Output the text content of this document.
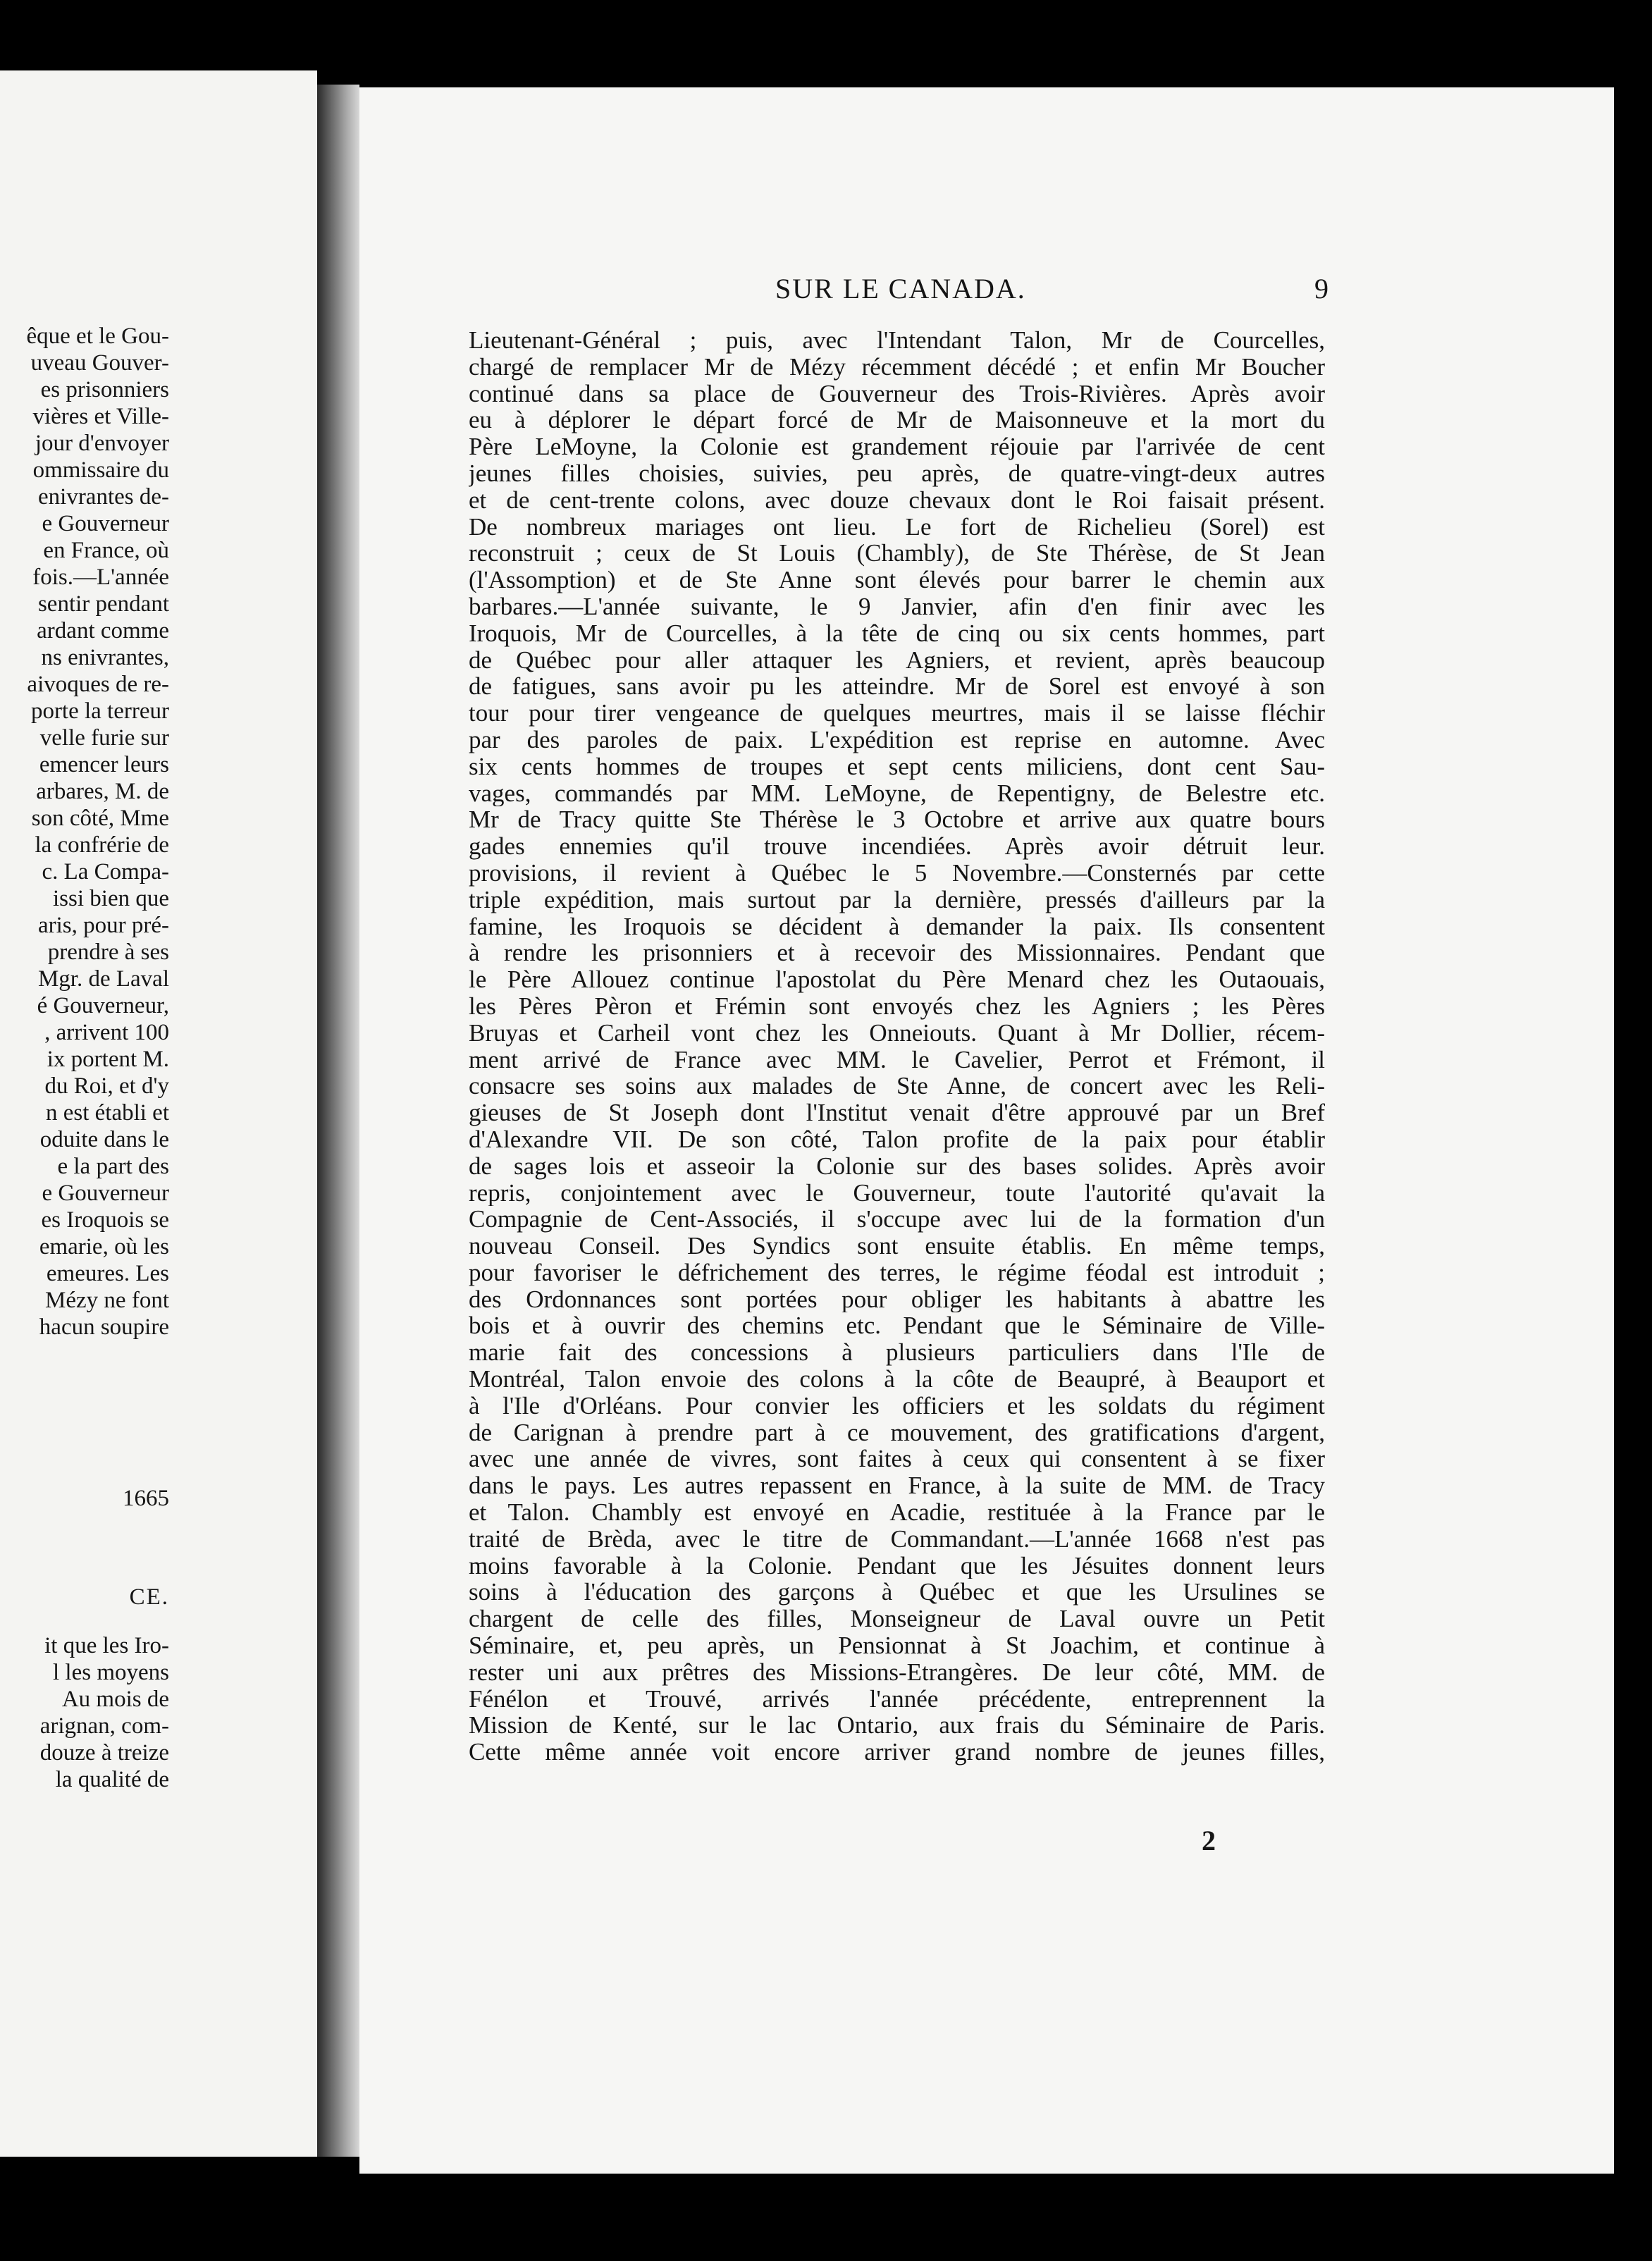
êque et le Gou-
uveau Gouver-
es prisonniers
vières et Ville-
jour d'envoyer
ommissaire du
enivrantes de-
e Gouverneur
en France, où
fois.—L'année
sentir pendant
ardant comme
ns enivrantes,
aivoques de re-
porte la terreur
velle furie sur
emencer leurs
arbares, M. de
son côté, Mme
la confrérie de
c. La Compa-
issi bien que
aris, pour pré-
prendre à ses
Mgr. de Laval
é Gouverneur,
, arrivent 100
ix portent M.
du Roi, et d'y
n est établi et
oduite dans le
e la part des
e Gouverneur
es Iroquois se
emarie, où les
emeures. Les
Mézy ne font
hacun soupire
1665
CE.
it que les Iro-
l les moyens
Au mois de
arignan, com-
douze à treize
la qualité de
SUR LE CANADA.	9
Lieutenant-Général ; puis, avec l'Intendant Talon, Mr de Courcelles,
chargé de remplacer Mr de Mézy récemment décédé ; et enfin Mr Boucher
continué dans sa place de Gouverneur des Trois-Rivières. Après avoir
eu à déplorer le départ forcé de Mr de Maisonneuve et la mort du
Père LeMoyne, la Colonie est grandement réjouie par l'arrivée de cent
jeunes filles choisies, suivies, peu après, de quatre-vingt-deux autres
et de cent-trente colons, avec douze chevaux dont le Roi faisait présent.
De nombreux mariages ont lieu. Le fort de Richelieu (Sorel) est
reconstruit ; ceux de St Louis (Chambly), de Ste Thérèse, de St Jean
(l'Assomption) et de Ste Anne sont élevés pour barrer le chemin aux
barbares.—L'année suivante, le 9 Janvier, afin d'en finir avec les
Iroquois, Mr de Courcelles, à la tête de cinq ou six cents hommes, part
de Québec pour aller attaquer les Agniers, et revient, après beaucoup
de fatigues, sans avoir pu les atteindre. Mr de Sorel est envoyé à son
tour pour tirer vengeance de quelques meurtres, mais il se laisse fléchir
par des paroles de paix. L'expédition est reprise en automne. Avec
six cents hommes de troupes et sept cents miliciens, dont cent Sau-
vages, commandés par MM. LeMoyne, de Repentigny, de Belestre etc.
Mr de Tracy quitte Ste Thérèse le 3 Octobre et arrive aux quatre bours
gades ennemies qu'il trouve incendiées. Après avoir détruit leur.
provisions, il revient à Québec le 5 Novembre.—Consternés par cette
triple expédition, mais surtout par la dernière, pressés d'ailleurs par la
famine, les Iroquois se décident à demander la paix. Ils consentent
à rendre les prisonniers et à recevoir des Missionnaires. Pendant que
le Père Allouez continue l'apostolat du Père Menard chez les Outaouais,
les Pères Pèron et Frémin sont envoyés chez les Agniers ; les Pères
Bruyas et Carheil vont chez les Onneiouts. Quant à Mr Dollier, récem-
ment arrivé de France avec MM. le Cavelier, Perrot et Frémont, il
consacre ses soins aux malades de Ste Anne, de concert avec les Reli-
gieuses de St Joseph dont l'Institut venait d'être approuvé par un Bref
d'Alexandre VII. De son côté, Talon profite de la paix pour établir
de sages lois et asseoir la Colonie sur des bases solides. Après avoir
repris, conjointement avec le Gouverneur, toute l'autorité qu'avait la
Compagnie de Cent-Associés, il s'occupe avec lui de la formation d'un
nouveau Conseil. Des Syndics sont ensuite établis. En même temps,
pour favoriser le défrichement des terres, le régime féodal est introduit ;
des Ordonnances sont portées pour obliger les habitants à abattre les
bois et à ouvrir des chemins etc. Pendant que le Séminaire de Ville-
marie fait des concessions à plusieurs particuliers dans l'Ile de
Montréal, Talon envoie des colons à la côte de Beaupré, à Beauport et
à l'Ile d'Orléans. Pour convier les officiers et les soldats du régiment
de Carignan à prendre part à ce mouvement, des gratifications d'argent,
avec une année de vivres, sont faites à ceux qui consentent à se fixer
dans le pays. Les autres repassent en France, à la suite de MM. de Tracy
et Talon. Chambly est envoyé en Acadie, restituée à la France par le
traité de Brèda, avec le titre de Commandant.—L'année 1668 n'est pas
moins favorable à la Colonie. Pendant que les Jésuites donnent leurs
soins à l'éducation des garçons à Québec et que les Ursulines se
chargent de celle des filles, Monseigneur de Laval ouvre un Petit
Séminaire, et, peu après, un Pensionnat à St Joachim, et continue à
rester uni aux prêtres des Missions-Etrangères. De leur côté, MM. de
Fénélon et Trouvé, arrivés l'année précédente, entreprennent la
Mission de Kenté, sur le lac Ontario, aux frais du Séminaire de Paris.
Cette même année voit encore arriver grand nombre de jeunes filles,
2
